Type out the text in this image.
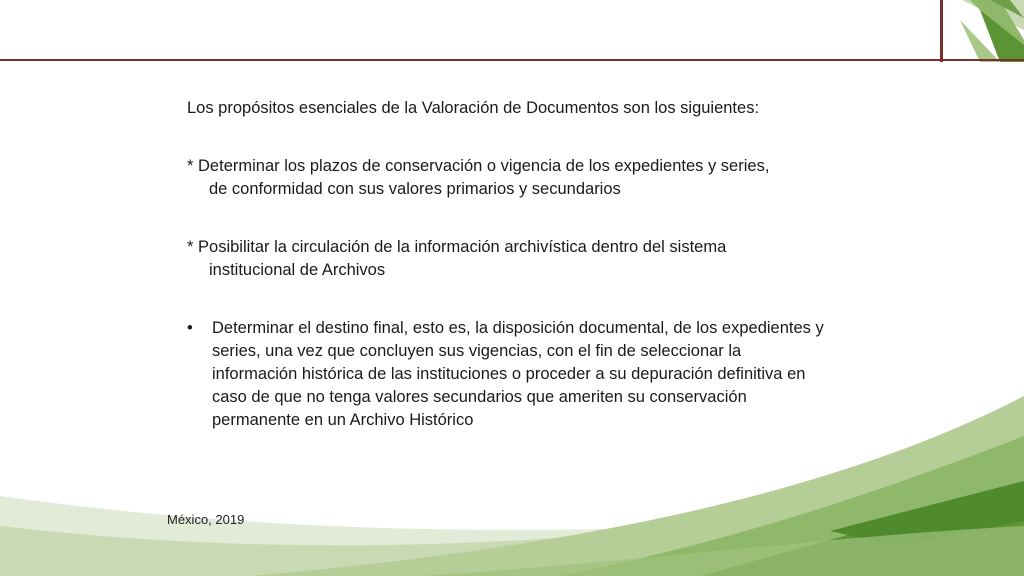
Los propósitos esenciales de la Valoración de Documentos son los siguientes:

* Determinar los plazos de conservación o vigencia de los expedientes y series,
de conformidad con sus valores primarios y secundarios
* Posibilitar la circulación de la información archivística dentro del sistema
institucional de Archivos
•	Determinar el destino final, esto es, la disposición documental, de los expedientes y series, una vez que concluyen sus vigencias, con el fin de seleccionar la información histórica de las instituciones o proceder a su depuración definitiva en caso de que no tenga valores secundarios que ameriten su conservación permanente en un Archivo Histórico
México, 2019
